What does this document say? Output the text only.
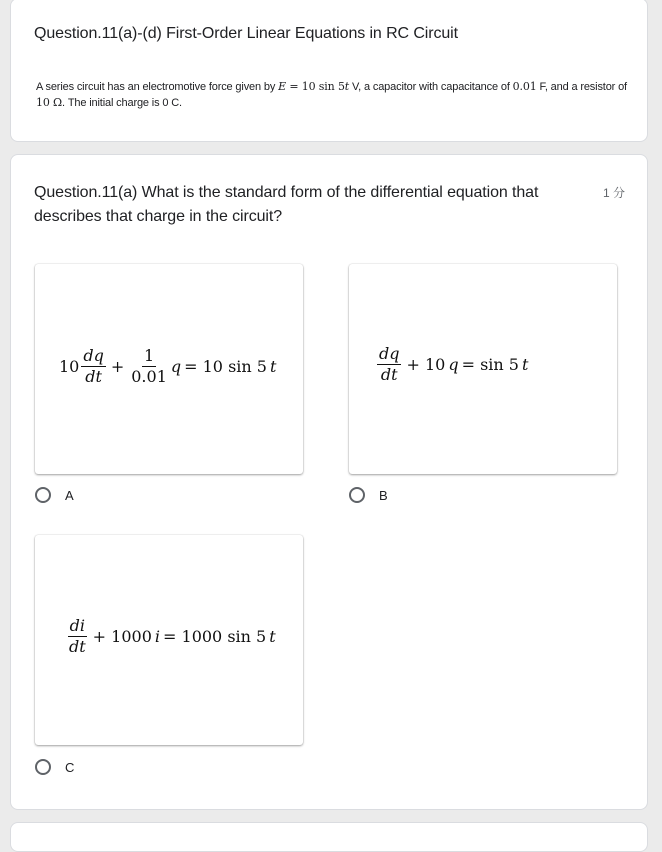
Question.11(a)-(d) First-Order Linear Equations in RC Circuit
A series circuit has an electromotive force given by E = 10 sin 5t V, a capacitor with capacitance of 0.01 F, and a resistor of 10 Ω. The initial charge is 0 C.
Question.11(a) What is the standard form of the differential equation that describes that charge in the circuit?
1 分
$10 \frac{dq}{dt} + \frac{1}{0.01}$ q = 10 sin 5 t
A
$\frac{dq}{dt} + 10$ q = sin 5 t
B
$\frac{di}{dt} + 1000$ i = 1000 sin 5 t
C
